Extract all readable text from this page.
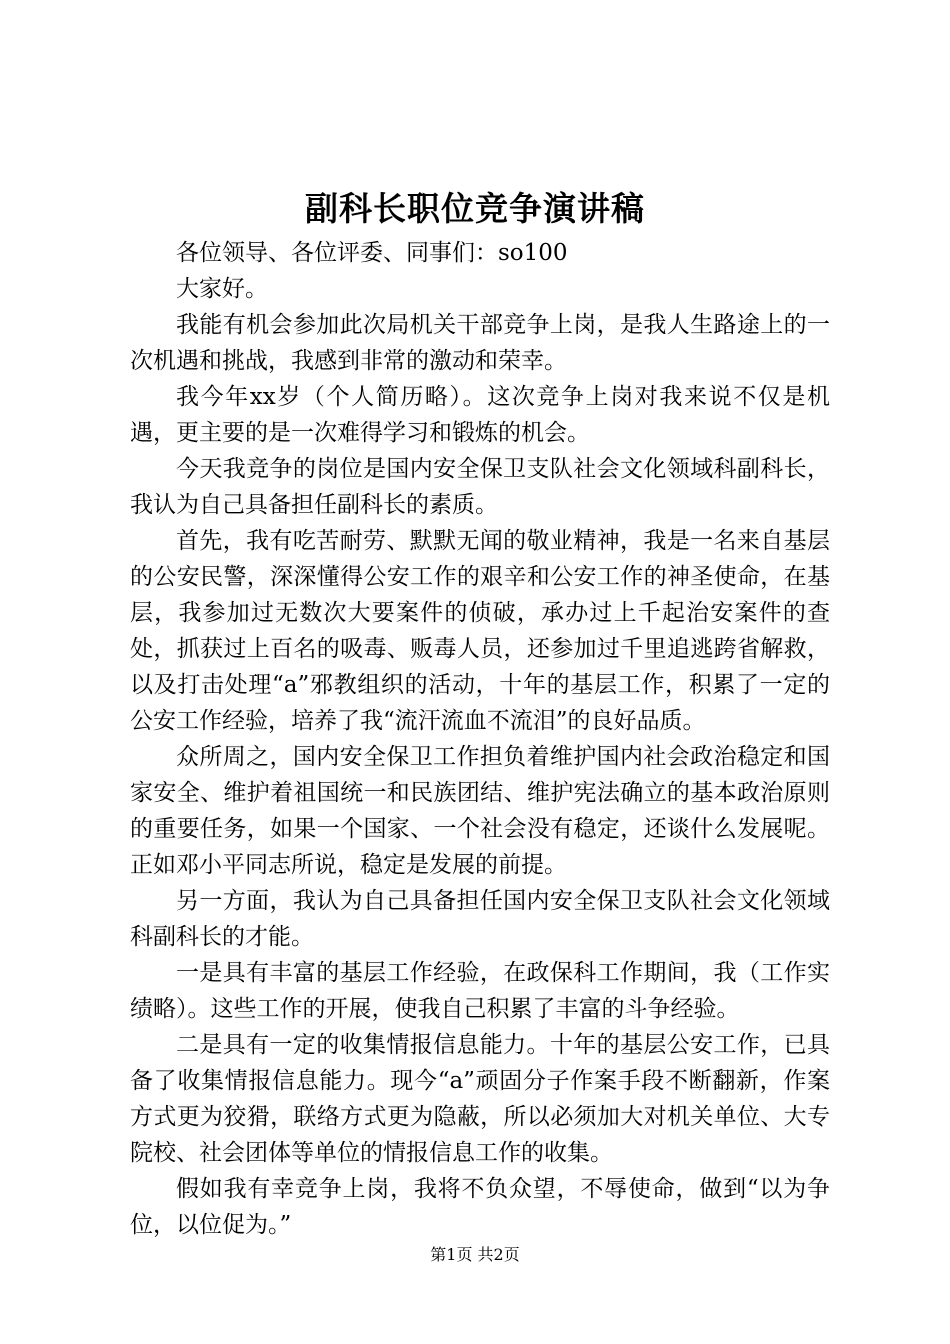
副科长职位竞争演讲稿

各位领导、各位评委、同事们：so100

大家好。

我能有机会参加此次局机关干部竞争上岗，是我人生路途上的一次机遇和挑战，我感到非常的激动和荣幸。

我今年xx岁（个人简历略）。这次竞争上岗对我来说不仅是机遇，更主要的是一次难得学习和锻炼的机会。

今天我竞争的岗位是国内安全保卫支队社会文化领域科副科长，我认为自己具备担任副科长的素质。

首先，我有吃苦耐劳、默默无闻的敬业精神，我是一名来自基层的公安民警，深深懂得公安工作的艰辛和公安工作的神圣使命，在基层，我参加过无数次大要案件的侦破，承办过上千起治安案件的查处，抓获过上百名的吸毒、贩毒人员，还参加过千里追逃跨省解救，以及打击处理“a”邪教组织的活动，十年的基层工作，积累了一定的公安工作经验，培养了我“流汗流血不流泪”的良好品质。

众所周之，国内安全保卫工作担负着维护国内社会政治稳定和国家安全、维护着祖国统一和民族团结、维护宪法确立的基本政治原则的重要任务，如果一个国家、一个社会没有稳定，还谈什么发展呢。正如邓小平同志所说，稳定是发展的前提。

另一方面，我认为自己具备担任国内安全保卫支队社会文化领域科副科长的才能。

一是具有丰富的基层工作经验，在政保科工作期间，我（工作实绩略）。这些工作的开展，使我自己积累了丰富的斗争经验。

二是具有一定的收集情报信息能力。十年的基层公安工作，已具备了收集情报信息能力。现今“a”顽固分子作案手段不断翻新，作案方式更为狡猾，联络方式更为隐蔽，所以必须加大对机关单位、大专院校、社会团体等单位的情报信息工作的收集。

假如我有幸竞争上岗，我将不负众望，不辱使命，做到“以为争位，以位促为。”

第1页 共2页
